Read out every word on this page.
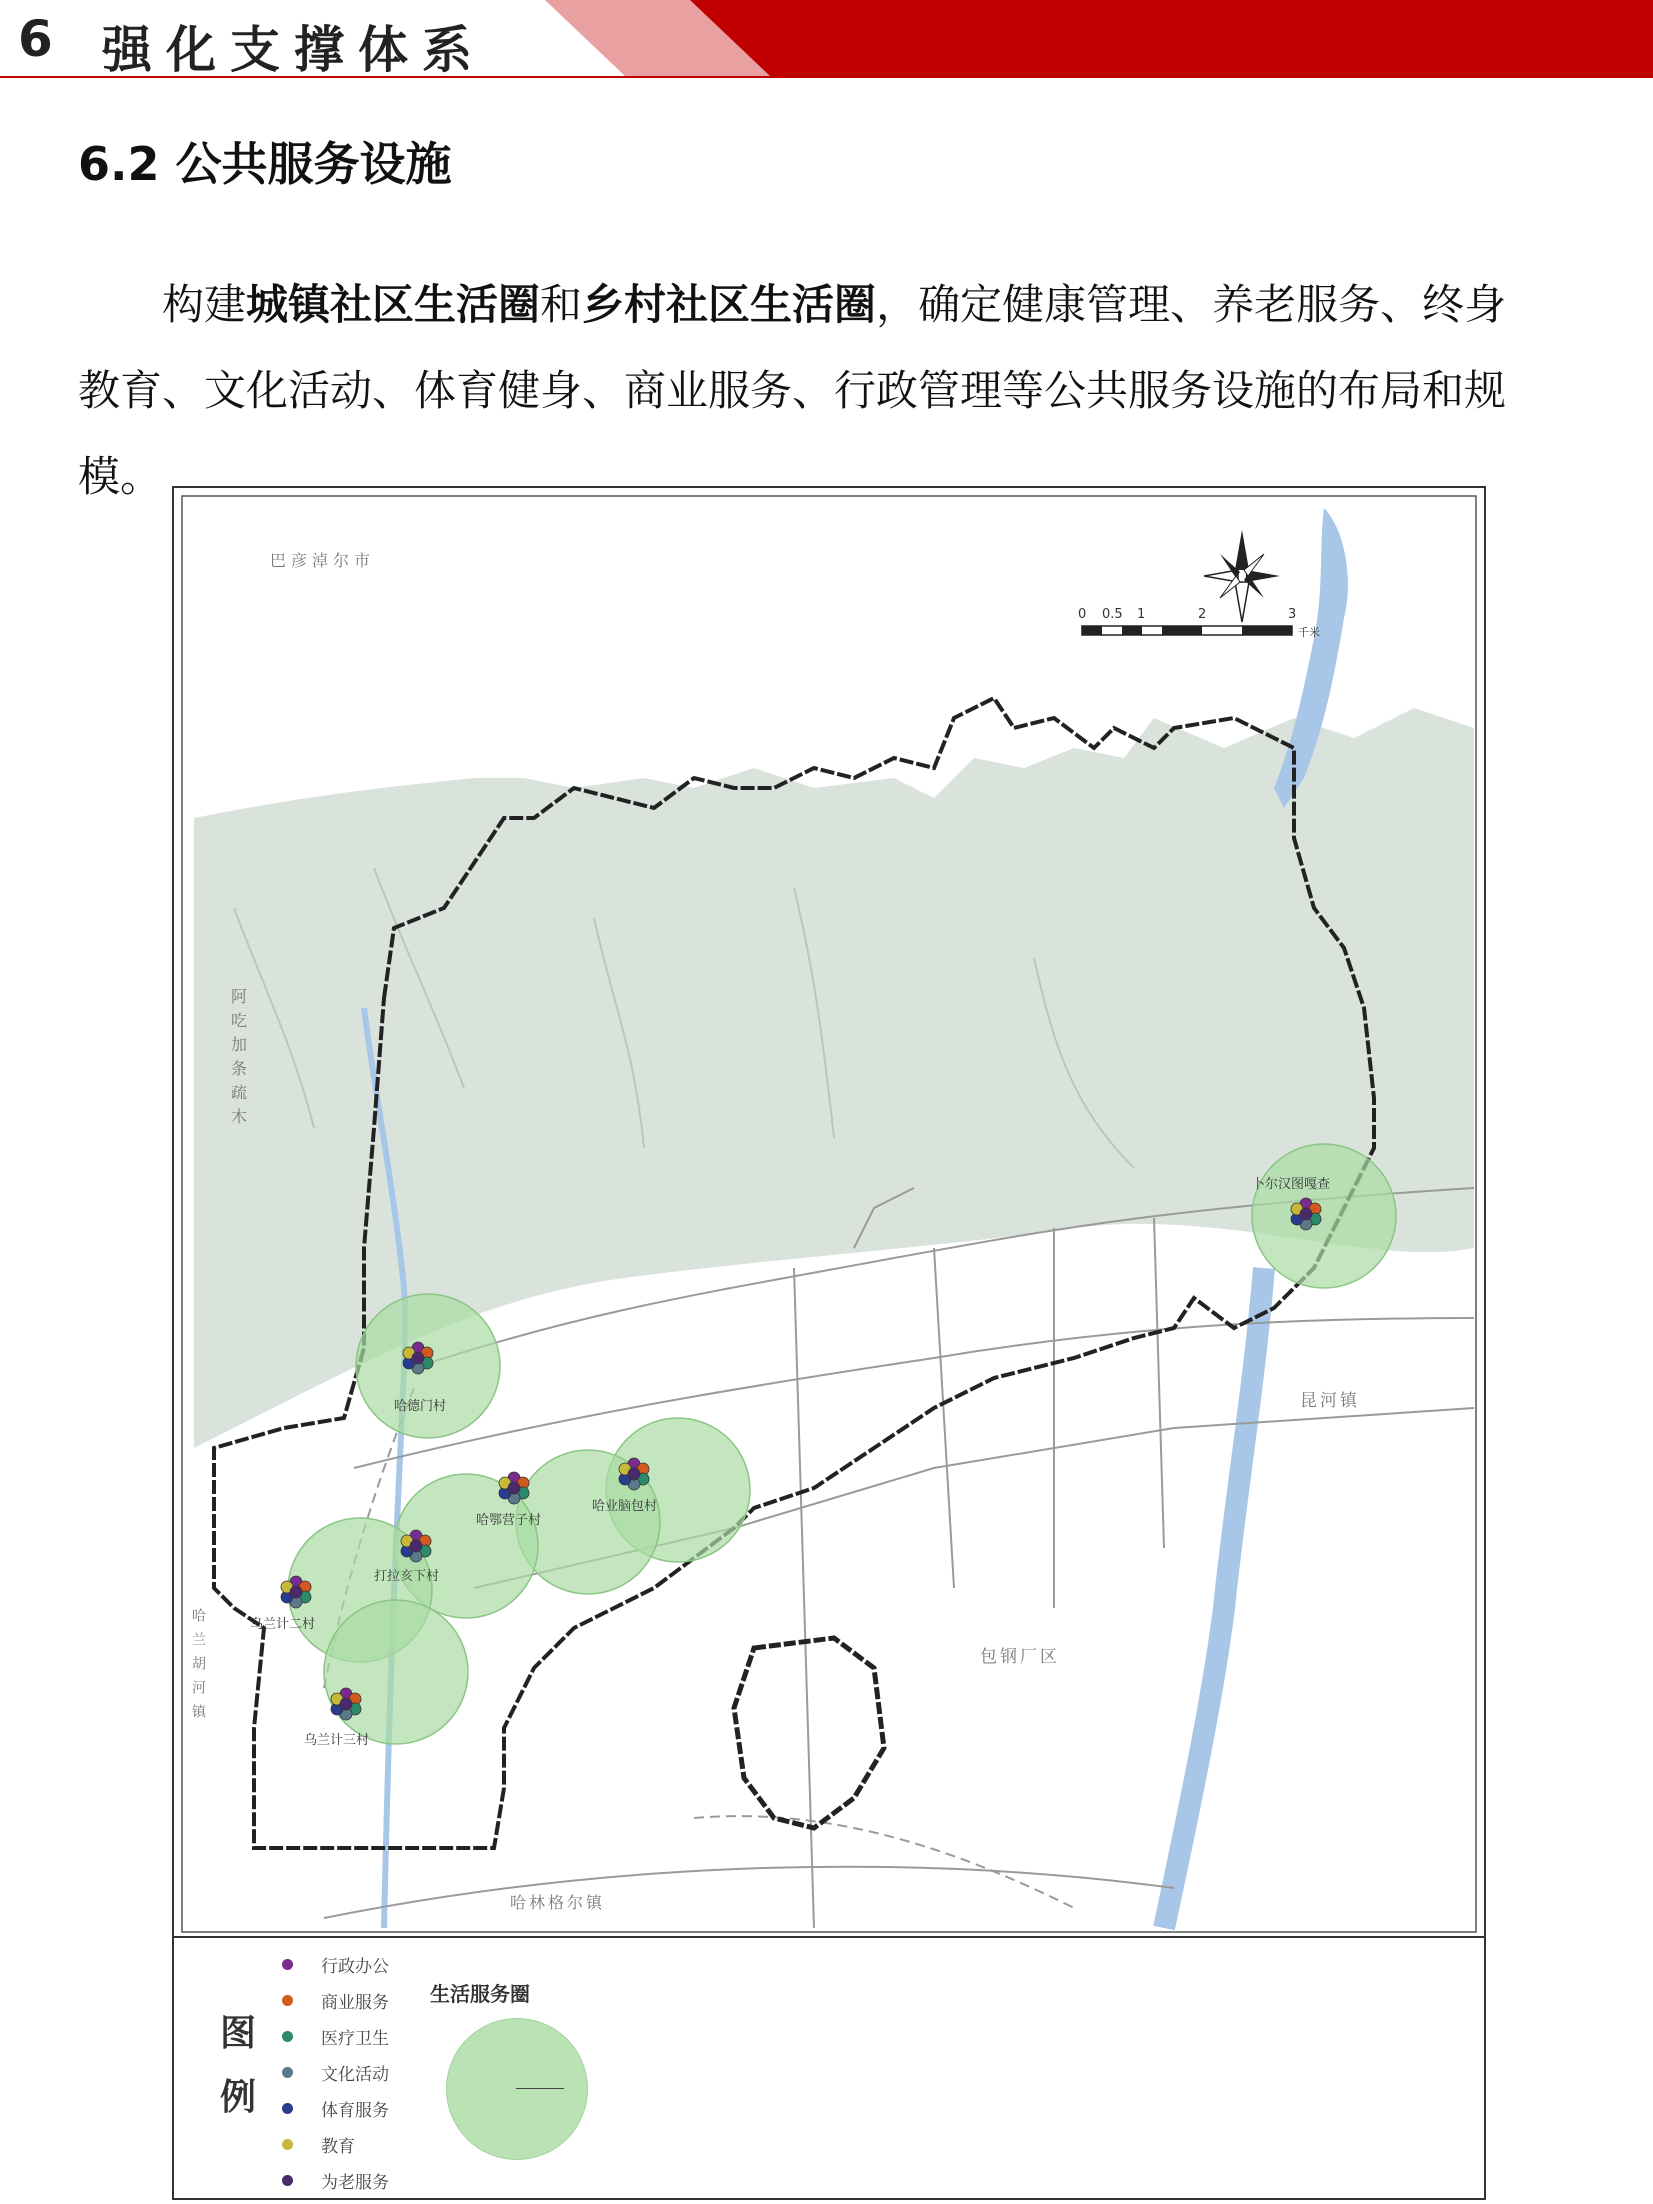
6 强化支撑体系
6.2 公共服务设施

构建城镇社区生活圈和乡村社区生活圈，确定健康管理、养老服务、终身教育、文化活动、体育健身、商业服务、行政管理等公共服务设施的布局和规模。

卜尔汉图嘎查
哈德门村
哈业脑包村
哈鄂营子村
打拉亥下村
乌兰计二村
乌兰计三村
巴彦淖尔市
阿吃加条疏木
昆河镇
包钢厂区
哈林格尔镇
哈兰胡河镇
0 0.5 1	2	3
千米
图例
行政办公
商业服务
医疗卫生
文化活动
体育服务
教育
为老服务
生活服务圈
